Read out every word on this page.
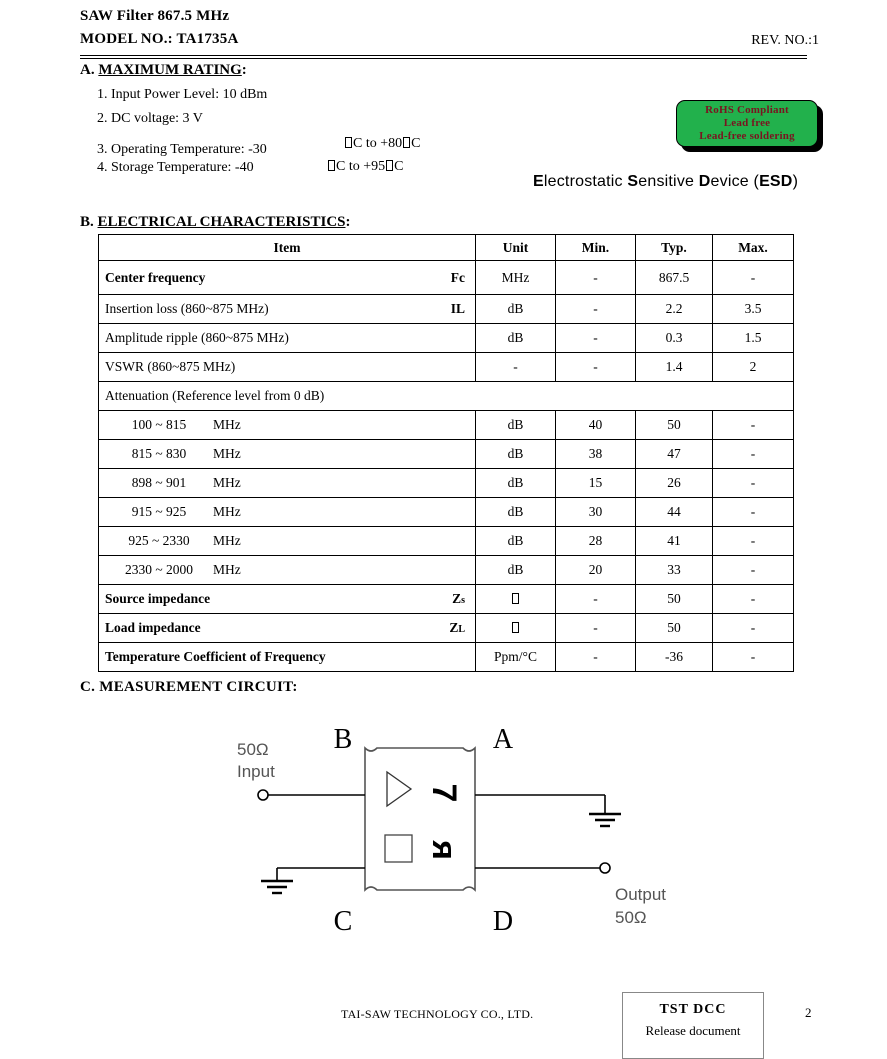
SAW Filter 867.5 MHz
MODEL NO.: TA1735A	REV. NO.:1
A. MAXIMUM RATING:
1. Input Power Level: 10 dBm
2. DC voltage: 3 V
3. Operating Temperature: -30	C to +80 C
4. Storage Temperature: -40	C to +95 C
RoHS Compliant
Lead free
Lead-free soldering
Electrostatic Sensitive Device (ESD)
B. ELECTRICAL CHARACTERISTICS:
Item	Unit	Min.	Typ.	Max.

Center frequency Fc	MHz	-	867.5	-

Insertion loss (860~875 MHz) IL	dB	-	2.2	3.5

Amplitude ripple (860~875 MHz)	dB	-	0.3	1.5

VSWR (860~875 MHz)	-	-	1.4	2
Attenuation (Reference level from 0 dB)				
100 ~ 815 MHz	dB	40	50	-
815 ~ 830 MHz	dB	38	47	-
898 ~ 901 MHz	dB	15	26	-
915 ~ 925 MHz	dB	30	44	-
925 ~ 2330 MHz	dB	28	41	-
2330 ~ 2000 MHz	dB	20	33	-

Source impedance Zs		-	50	-

Load impedance ZL		-	50	-
Temperature Coefficient of Frequency	Ppm/°C	-	-36	-
C. MEASUREMENT CIRCUIT:
7
я
B	A
C	D
50Ω
Input
Output
50Ω
TAI-SAW TECHNOLOGY CO., LTD.	TST DCC
Release document
2
